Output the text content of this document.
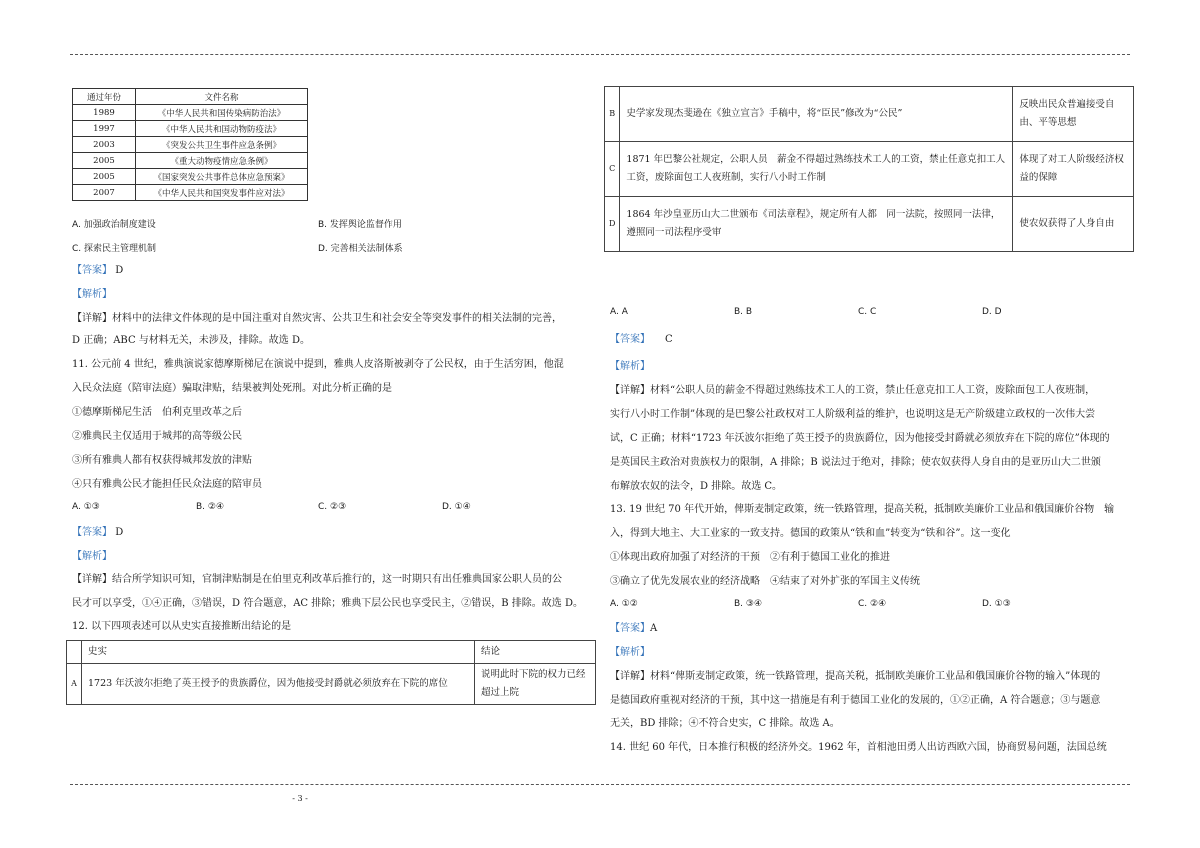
通过年份	文件名称
1989	《中华人民共和国传染病防治法》
1997	《中华人民共和国动物防疫法》
2003	《突发公共卫生事件应急条例》
2005	《重大动物疫情应急条例》
2005	《国家突发公共事件总体应急预案》
2007	《中华人民共和国突发事件应对法》
A. 加强政治制度建设	B. 发挥舆论监督作用
C. 探索民主管理机制	D. 完善相关法制体系
【答案】 D
【解析】
【详解】材料中的法律文件体现的是中国注重对自然灾害、公共卫生和社会安全等突发事件的相关法制的完善，
D 正确；ABC 与材料无关，未涉及，排除。故选 D。
11. 公元前 4 世纪，雅典演说家德摩斯梯尼在演说中提到，雅典人皮洛斯被剥夺了公民权，由于生活穷困，他混
入民众法庭（陪审法庭）骗取津贴，结果被判处死刑。对此分析正确的是
①德摩斯梯尼生活　伯利克里改革之后
②雅典民主仅适用于城邦的高等级公民
③所有雅典人都有权获得城邦发放的津贴
④只有雅典公民才能担任民众法庭的陪审员
A. ①③	B. ②④	C. ②③	D. ①④
【答案】 D
【解析】
【详解】结合所学知识可知，官制津贴制是在伯里克利改革后推行的，这一时期只有出任雅典国家公职人员的公
民才可以享受，①④正确，③错误，D 符合题意，AC 排除；雅典下层公民也享受民主，②错误，B 排除。故选 D。
12. 以下四项表述可以从史实直接推断出结论的是
	史实	结论
A	1723 年沃波尔拒绝了英王授予的贵族爵位，因为他接受封爵就必须放弃在下院的席位	说明此时下院的权力已经超过上院
B	史学家发现杰斐逊在《独立宣言》手稿中，将“臣民”修改为“公民”	反映出民众普遍接受自由、平等思想
C	1871 年巴黎公社规定，公职人员　薪金不得超过熟练技术工人的工资，禁止任意克扣工人工资，废除面包工人夜班制，实行八小时工作制	体现了对工人阶级经济权益的保障
D	1864 年沙皇亚历山大二世颁布《司法章程》，规定所有人都　同一法院，按照同一法律，遵照同一司法程序受审	使农奴获得了人身自由
A. A	B. B	C. C	D. D
【答案】　　 C
【解析】
【详解】材料“公职人员的薪金不得超过熟练技术工人的工资，禁止任意克扣工人工资，废除面包工人夜班制，
实行八小时工作制”体现的是巴黎公社政权对工人阶级利益的维护，也说明这是无产阶级建立政权的一次伟大尝
试，C 正确；材料“1723 年沃波尔拒绝了英王授予的贵族爵位，因为他接受封爵就必须放弃在下院的席位”体现的
是英国民主政治对贵族权力的限制，A 排除；B 说法过于绝对，排除；使农奴获得人身自由的是亚历山大二世颁
布解放农奴的法令，D 排除。故选 C。
13. 19 世纪 70 年代开始，俾斯麦制定政策，统一铁路管理，提高关税，抵制欧美廉价工业品和俄国廉价谷物　输
入，得到大地主、大工业家的一致支持。德国的政策从“铁和血”转变为“铁和谷”。这一变化
①体现出政府加强了对经济的干预　②有利于德国工业化的推进
③确立了优先发展农业的经济战略　④结束了对外扩张的军国主义传统
A. ①②	B. ③④	C. ②④	D. ①③
【答案】A
【解析】
【详解】材料“俾斯麦制定政策，统一铁路管理，提高关税，抵制欧美廉价工业品和俄国廉价谷物的输入”体现的
是德国政府重视对经济的干预，其中这一措施是有利于德国工业化的发展的，①②正确，A 符合题意；③与题意
无关，BD 排除；④不符合史实，C 排除。故选 A。
14. 世纪 60 年代，日本推行积极的经济外交。1962 年，首相池田勇人出访西欧六国，协商贸易问题，法国总统
- 3 -
